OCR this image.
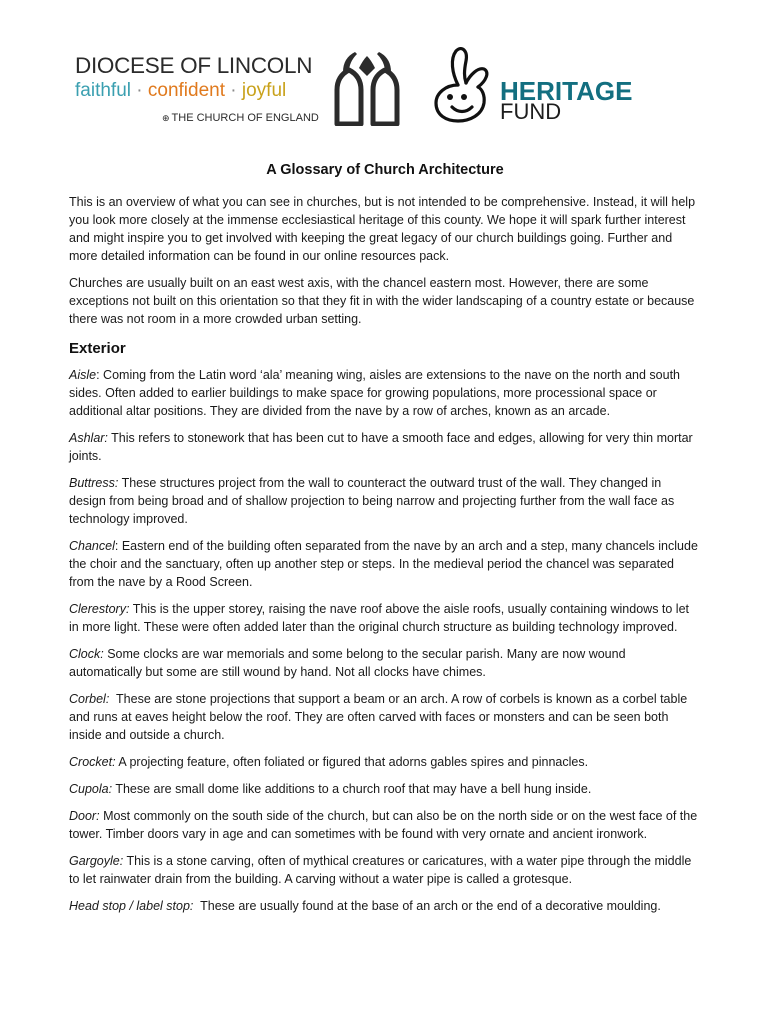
DIOCESE OF LINCOLN
faithful · confident · joyful
⊕ THE CHURCH OF ENGLAND
HERITAGE
FUND
A Glossary of Church Architecture

This is an overview of what you can see in churches, but is not intended to be comprehensive. Instead, it will help you look more closely at the immense ecclesiastical heritage of this county. We hope it will spark further interest and might inspire you to get involved with keeping the great legacy of our church buildings going. Further and more detailed information can be found in our online resources pack.

Churches are usually built on an east west axis, with the chancel eastern most. However, there are some exceptions not built on this orientation so that they fit in with the wider landscaping of a country estate or because there was not room in a more crowded urban setting.

Exterior

Aisle: Coming from the Latin word ‘ala’ meaning wing, aisles are extensions to the nave on the north and south sides. Often added to earlier buildings to make space for growing populations, more processional space or additional altar positions. They are divided from the nave by a row of arches, known as an arcade.

Ashlar: This refers to stonework that has been cut to have a smooth face and edges, allowing for very thin mortar joints.

Buttress: These structures project from the wall to counteract the outward trust of the wall. They changed in design from being broad and of shallow projection to being narrow and projecting further from the wall face as technology improved.

Chancel: Eastern end of the building often separated from the nave by an arch and a step, many chancels include the choir and the sanctuary, often up another step or steps. In the medieval period the chancel was separated from the nave by a Rood Screen.

Clerestory: This is the upper storey, raising the nave roof above the aisle roofs, usually containing windows to let in more light. These were often added later than the original church structure as building technology improved.

Clock: Some clocks are war memorials and some belong to the secular parish. Many are now wound automatically but some are still wound by hand. Not all clocks have chimes.

Corbel: These are stone projections that support a beam or an arch. A row of corbels is known as a corbel table and runs at eaves height below the roof. They are often carved with faces or monsters and can be seen both inside and outside a church.

Crocket: A projecting feature, often foliated or figured that adorns gables spires and pinnacles.

Cupola: These are small dome like additions to a church roof that may have a bell hung inside.

Door: Most commonly on the south side of the church, but can also be on the north side or on the west face of the tower. Timber doors vary in age and can sometimes with be found with very ornate and ancient ironwork.

Gargoyle: This is a stone carving, often of mythical creatures or caricatures, with a water pipe through the middle to let rainwater drain from the building. A carving without a water pipe is called a grotesque.

Head stop / label stop: These are usually found at the base of an arch or the end of a decorative moulding.
